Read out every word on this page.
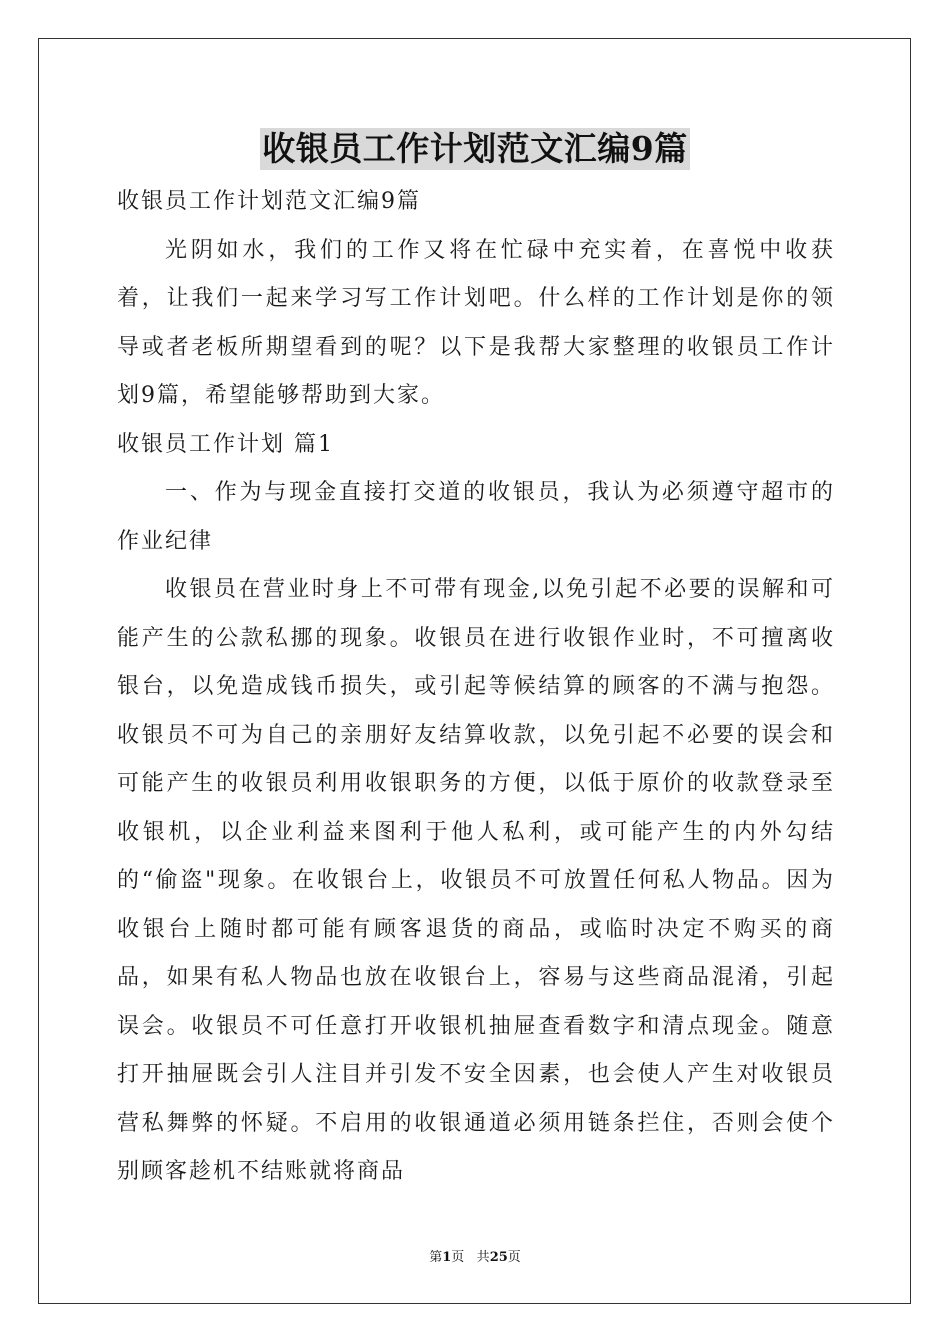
收银员工作计划范文汇编9篇

收银员工作计划范文汇编9篇

光阴如水，我们的工作又将在忙碌中充实着，在喜悦中收获着，让我们一起来学习写工作计划吧。什么样的工作计划是你的领导或者老板所期望看到的呢？以下是我帮大家整理的收银员工作计划9篇，希望能够帮助到大家。

收银员工作计划 篇1

一、作为与现金直接打交道的收银员，我认为必须遵守超市的作业纪律

收银员在营业时身上不可带有现金,以免引起不必要的误解和可能产生的公款私挪的现象。收银员在进行收银作业时，不可擅离收银台，以免造成钱币损失，或引起等候结算的顾客的不满与抱怨。收银员不可为自己的亲朋好友结算收款，以免引起不必要的误会和可能产生的收银员利用收银职务的方便，以低于原价的收款登录至收银机，以企业利益来图利于他人私利，或可能产生的内外勾结的“偷盗"现象。在收银台上，收银员不可放置任何私人物品。因为收银台上随时都可能有顾客退货的商品，或临时决定不购买的商品，如果有私人物品也放在收银台上，容易与这些商品混淆，引起误会。收银员不可任意打开收银机抽屉查看数字和清点现金。随意打开抽屉既会引人注目并引发不安全因素，也会使人产生对收银员营私舞弊的怀疑。不启用的收银通道必须用链条拦住，否则会使个别顾客趁机不结账就将商品

第1页 共25页
